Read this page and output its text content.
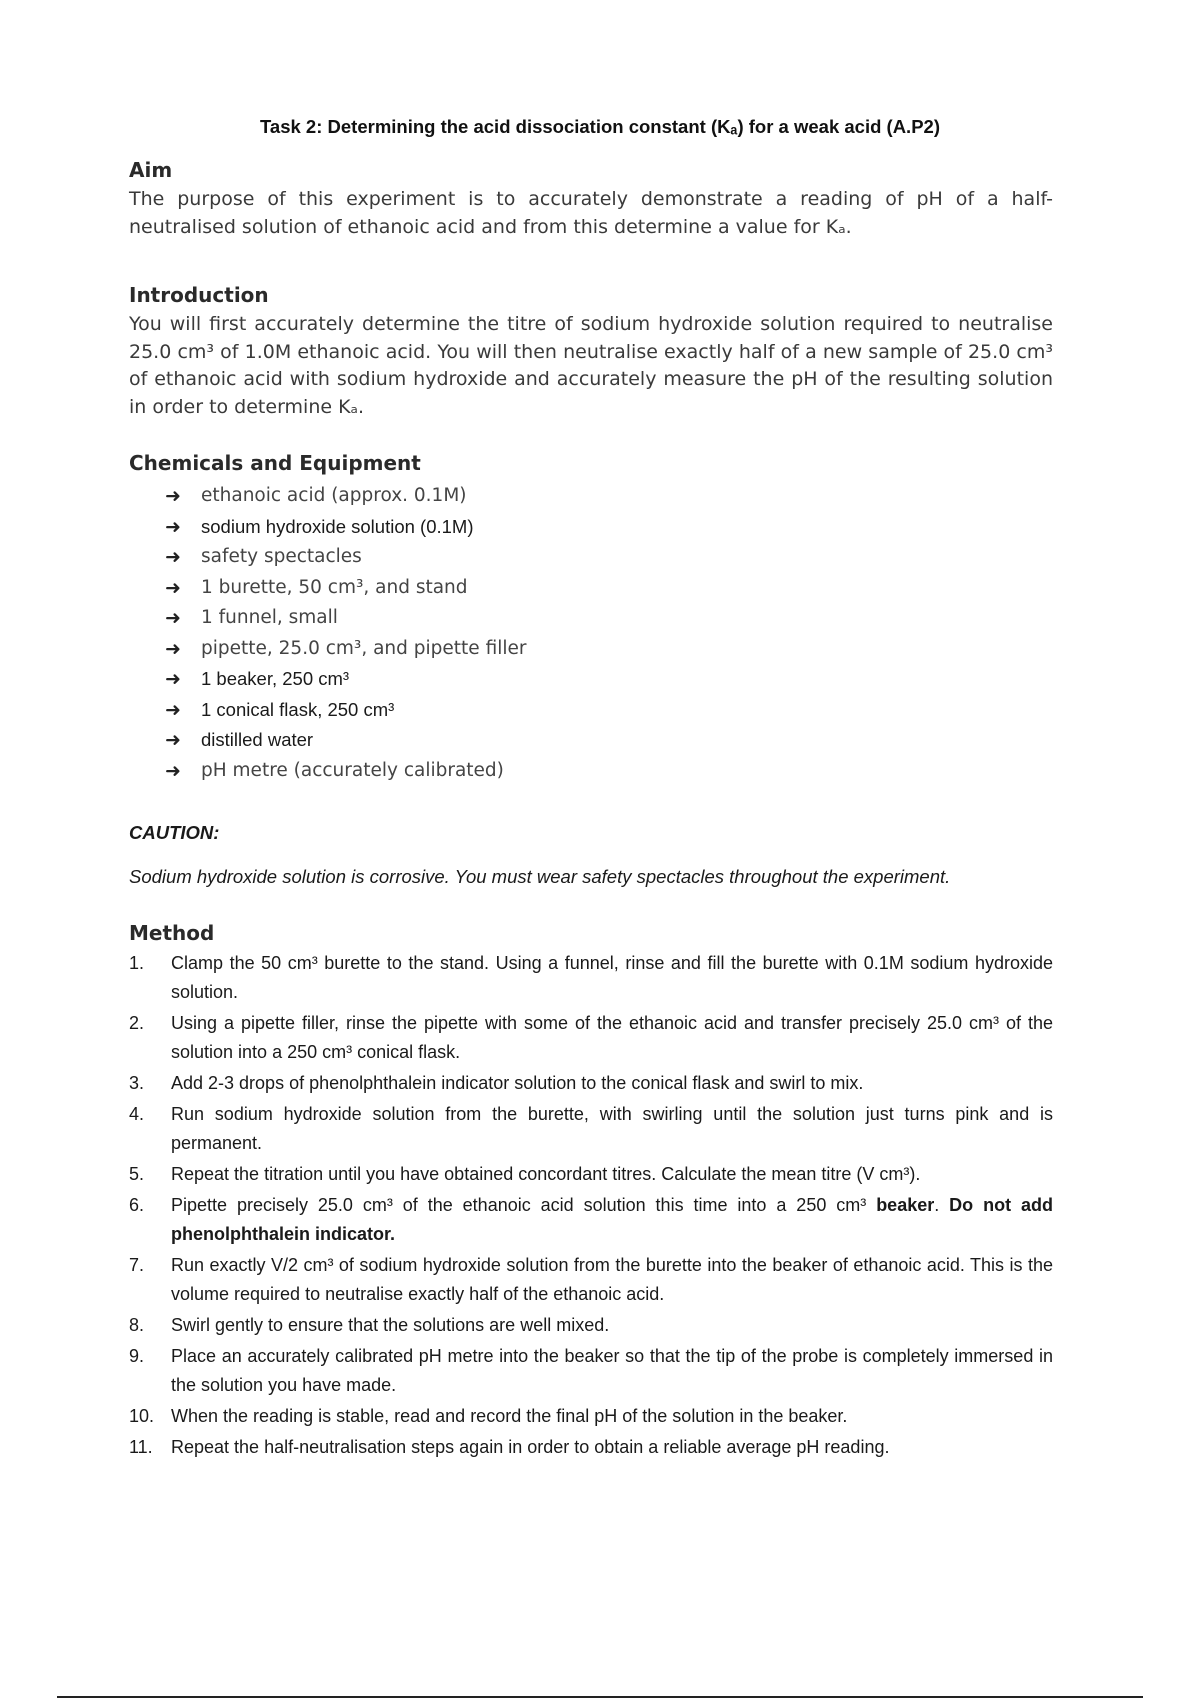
Task 2: Determining the acid dissociation constant (Kₐ) for a weak acid (A.P2)

Aim

The purpose of this experiment is to accurately demonstrate a reading of pH of a half-neutralised solution of ethanoic acid and from this determine a value for Kₐ.

Introduction

You will first accurately determine the titre of sodium hydroxide solution required to neutralise 25.0 cm³ of 1.0M ethanoic acid. You will then neutralise exactly half of a new sample of 25.0 cm³ of ethanoic acid with sodium hydroxide and accurately measure the pH of the resulting solution in order to determine Kₐ.

Chemicals and Equipment

➜ ethanoic acid (approx. 0.1M)
➜ sodium hydroxide solution (0.1M)
➜ safety spectacles
➜ 1 burette, 50 cm³, and stand
➜ 1 funnel, small
➜ pipette, 25.0 cm³, and pipette filler
➜ 1 beaker, 250 cm³
➜ 1 conical flask, 250 cm³
➜ distilled water
➜ pH metre (accurately calibrated)

CAUTION:

Sodium hydroxide solution is corrosive. You must wear safety spectacles throughout the experiment.

Method

1. Clamp the 50 cm³ burette to the stand. Using a funnel, rinse and fill the burette with 0.1M sodium hydroxide solution.
2. Using a pipette filler, rinse the pipette with some of the ethanoic acid and transfer precisely 25.0 cm³ of the solution into a 250 cm³ conical flask.
3. Add 2-3 drops of phenolphthalein indicator solution to the conical flask and swirl to mix.
4. Run sodium hydroxide solution from the burette, with swirling until the solution just turns pink and is permanent.
5. Repeat the titration until you have obtained concordant titres. Calculate the mean titre (V cm³).
6. Pipette precisely 25.0 cm³ of the ethanoic acid solution this time into a 250 cm³ beaker. Do not add phenolphthalein indicator.
7. Run exactly V/2 cm³ of sodium hydroxide solution from the burette into the beaker of ethanoic acid. This is the volume required to neutralise exactly half of the ethanoic acid.
8. Swirl gently to ensure that the solutions are well mixed.
9. Place an accurately calibrated pH metre into the beaker so that the tip of the probe is completely immersed in the solution you have made.
10. When the reading is stable, read and record the final pH of the solution in the beaker.
11. Repeat the half-neutralisation steps again in order to obtain a reliable average pH reading.
